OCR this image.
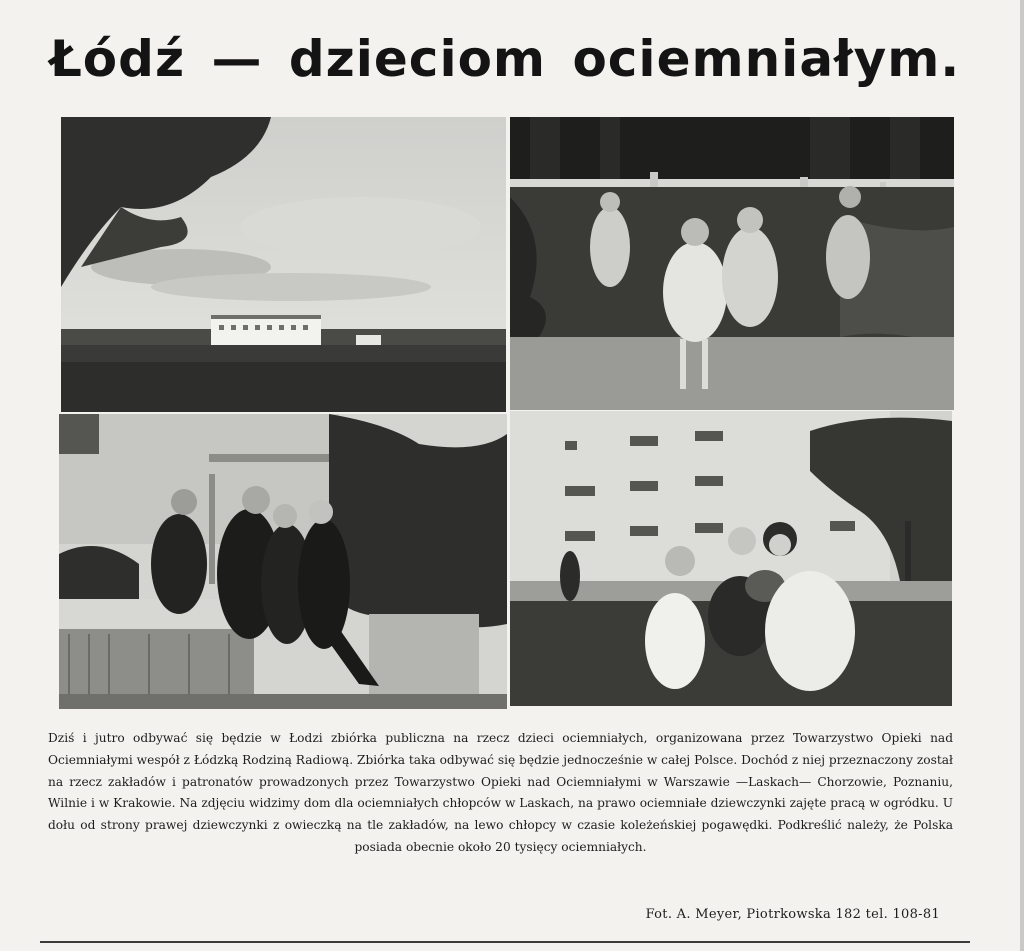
Łódź — dzieciom ociemniałym.

Dziś i jutro odbywać się będzie w Łodzi zbiórka publiczna na rzecz dzieci ociemniałych, organizowana przez Towarzystwo Opieki nad Ociemniałymi wespół z Łódzką Rodziną Radiową. Zbiórka taka odbywać się będzie jednocześnie w całej Polsce. Dochód z niej przeznaczony został na rzecz zakładów i patronatów prowadzonych przez Towarzystwo Opieki nad Ociemniałymi w Warszawie —Laskach— Chorzowie, Poznaniu, Wilnie i w Krakowie. Na zdjęciu widzimy dom dla ociemniałych chłopców w Laskach, na prawo ociemniałe dziewczynki zajęte pracą w ogródku. U dołu od strony prawej dziewczynki z owieczką na tle zakładów, na lewo chłopcy w czasie koleżeńskiej pogawędki. Podkreślić należy, że Polska posiada obecnie około 20 tysięcy ociemniałych.

Fot. A. Meyer, Piotrkowska 182 tel. 108-81
